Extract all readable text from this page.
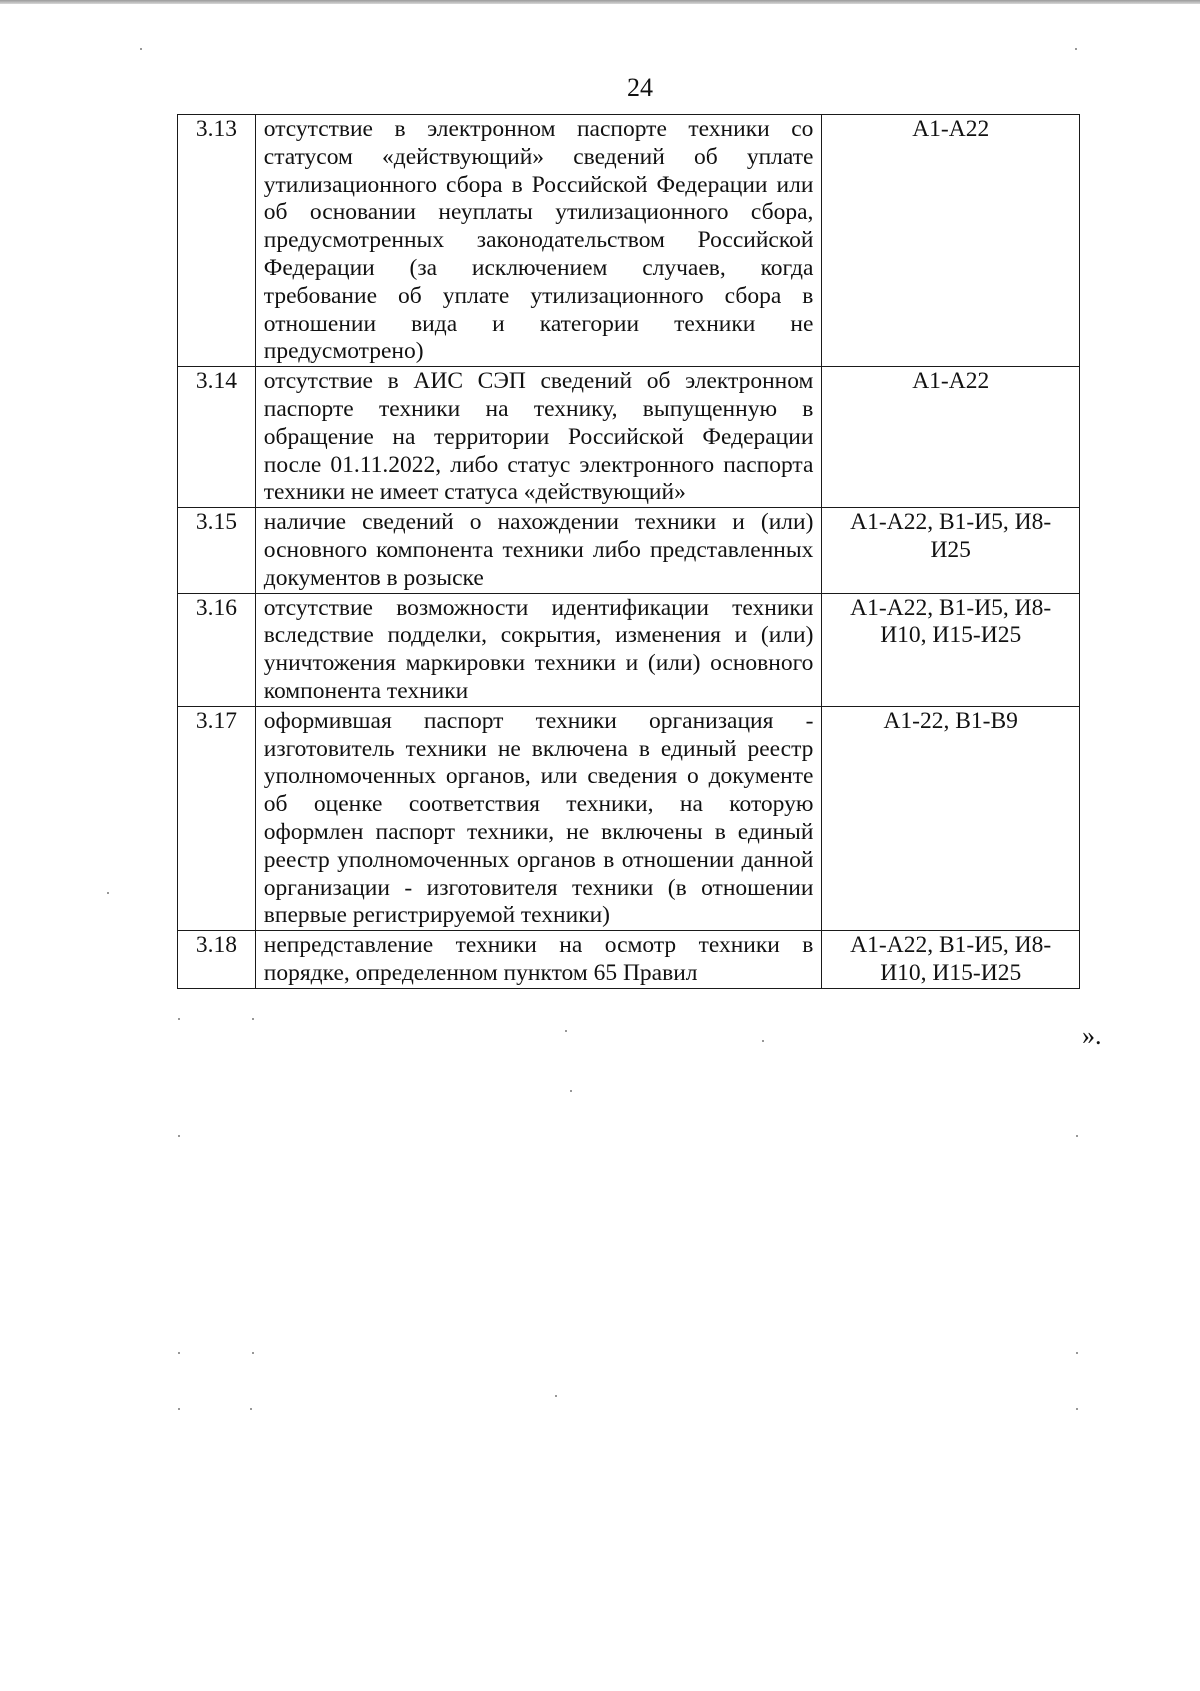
24
3.13	отсутствие в электронном паспорте техники со статусом «действующий» сведений об уплате утилизационного сбора в Российской Федерации или об основании неуплаты утилизационного сбора, предусмотренных законодательством Российской Федерации (за исключением случаев, когда требование об уплате утилизационного сбора в отношении вида и категории техники не предусмотрено)	А1-А22
3.14	отсутствие в АИС СЭП сведений об электронном паспорте техники на технику, выпущенную в обращение на территории Российской Федерации после 01.11.2022, либо статус электронного паспорта техники не имеет статуса «действующий»	А1-А22
3.15	наличие сведений о нахождении техники и (или) основного компонента техники либо представленных документов в розыске	А1-А22, В1-И5, И8-И25
3.16	отсутствие возможности идентификации техники вследствие подделки, сокрытия, изменения и (или) уничтожения маркировки техники и (или) основного компонента техники	А1-А22, В1-И5, И8-И10, И15-И25
3.17	оформившая паспорт техники организация - изготовитель техники не включена в единый реестр уполномоченных органов, или сведения о документе об оценке соответствия техники, на которую оформлен паспорт техники, не включены в единый реестр уполномоченных органов в отношении данной организации - изготовителя техники (в отношении впервые регистрируемой техники)	А1-22, В1-В9
3.18	непредставление техники на осмотр техники в порядке, определенном пунктом 65 Правил	А1-А22, В1-И5, И8-И10, И15-И25
».
